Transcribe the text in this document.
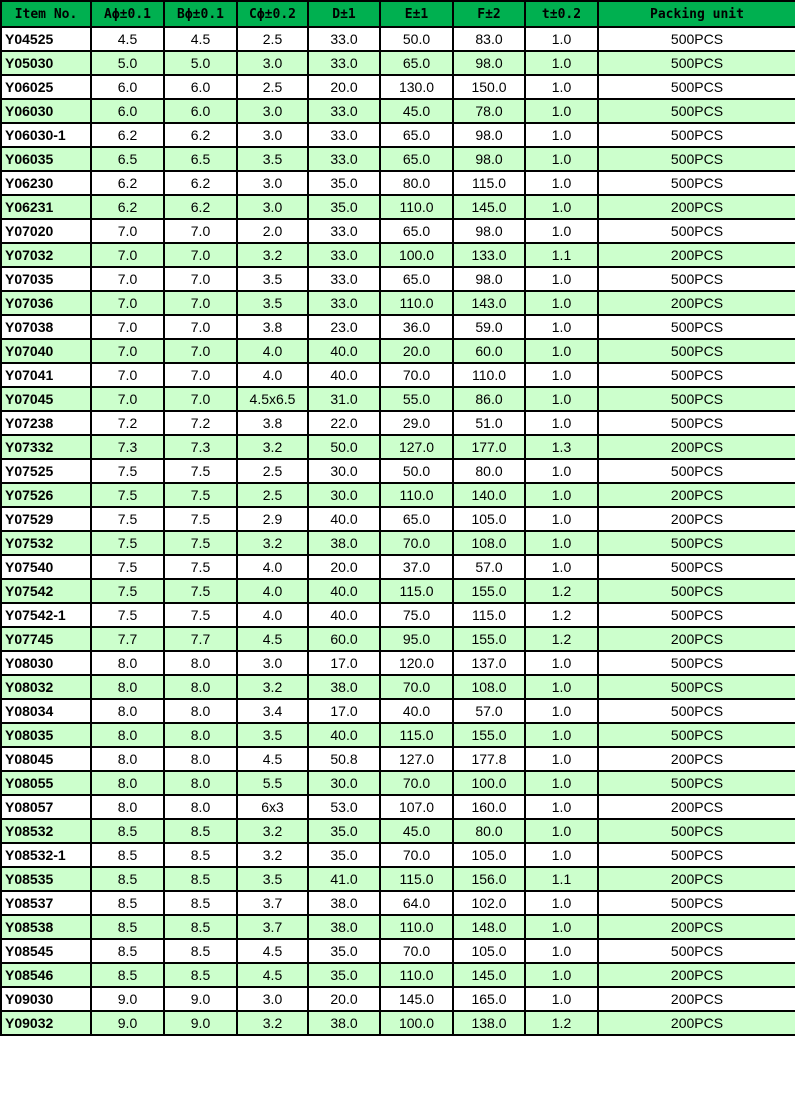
Item No.	Aϕ±0.1	Bϕ±0.1	Cϕ±0.2	D±1	E±1	F±2	t±0.2	Packing unit
Y04525	4.5	4.5	2.5	33.0	50.0	83.0	1.0	500PCS
Y05030	5.0	5.0	3.0	33.0	65.0	98.0	1.0	500PCS
Y06025	6.0	6.0	2.5	20.0	130.0	150.0	1.0	500PCS
Y06030	6.0	6.0	3.0	33.0	45.0	78.0	1.0	500PCS
Y06030-1	6.2	6.2	3.0	33.0	65.0	98.0	1.0	500PCS
Y06035	6.5	6.5	3.5	33.0	65.0	98.0	1.0	500PCS
Y06230	6.2	6.2	3.0	35.0	80.0	115.0	1.0	500PCS
Y06231	6.2	6.2	3.0	35.0	110.0	145.0	1.0	200PCS
Y07020	7.0	7.0	2.0	33.0	65.0	98.0	1.0	500PCS
Y07032	7.0	7.0	3.2	33.0	100.0	133.0	1.1	200PCS
Y07035	7.0	7.0	3.5	33.0	65.0	98.0	1.0	500PCS
Y07036	7.0	7.0	3.5	33.0	110.0	143.0	1.0	200PCS
Y07038	7.0	7.0	3.8	23.0	36.0	59.0	1.0	500PCS
Y07040	7.0	7.0	4.0	40.0	20.0	60.0	1.0	500PCS
Y07041	7.0	7.0	4.0	40.0	70.0	110.0	1.0	500PCS
Y07045	7.0	7.0	4.5x6.5	31.0	55.0	86.0	1.0	500PCS
Y07238	7.2	7.2	3.8	22.0	29.0	51.0	1.0	500PCS
Y07332	7.3	7.3	3.2	50.0	127.0	177.0	1.3	200PCS
Y07525	7.5	7.5	2.5	30.0	50.0	80.0	1.0	500PCS
Y07526	7.5	7.5	2.5	30.0	110.0	140.0	1.0	200PCS
Y07529	7.5	7.5	2.9	40.0	65.0	105.0	1.0	200PCS
Y07532	7.5	7.5	3.2	38.0	70.0	108.0	1.0	500PCS
Y07540	7.5	7.5	4.0	20.0	37.0	57.0	1.0	500PCS
Y07542	7.5	7.5	4.0	40.0	115.0	155.0	1.2	500PCS
Y07542-1	7.5	7.5	4.0	40.0	75.0	115.0	1.2	500PCS
Y07745	7.7	7.7	4.5	60.0	95.0	155.0	1.2	200PCS
Y08030	8.0	8.0	3.0	17.0	120.0	137.0	1.0	500PCS
Y08032	8.0	8.0	3.2	38.0	70.0	108.0	1.0	500PCS
Y08034	8.0	8.0	3.4	17.0	40.0	57.0	1.0	500PCS
Y08035	8.0	8.0	3.5	40.0	115.0	155.0	1.0	500PCS
Y08045	8.0	8.0	4.5	50.8	127.0	177.8	1.0	200PCS
Y08055	8.0	8.0	5.5	30.0	70.0	100.0	1.0	500PCS
Y08057	8.0	8.0	6x3	53.0	107.0	160.0	1.0	200PCS
Y08532	8.5	8.5	3.2	35.0	45.0	80.0	1.0	500PCS
Y08532-1	8.5	8.5	3.2	35.0	70.0	105.0	1.0	500PCS
Y08535	8.5	8.5	3.5	41.0	115.0	156.0	1.1	200PCS
Y08537	8.5	8.5	3.7	38.0	64.0	102.0	1.0	500PCS
Y08538	8.5	8.5	3.7	38.0	110.0	148.0	1.0	200PCS
Y08545	8.5	8.5	4.5	35.0	70.0	105.0	1.0	500PCS
Y08546	8.5	8.5	4.5	35.0	110.0	145.0	1.0	200PCS
Y09030	9.0	9.0	3.0	20.0	145.0	165.0	1.0	200PCS
Y09032	9.0	9.0	3.2	38.0	100.0	138.0	1.2	200PCS
